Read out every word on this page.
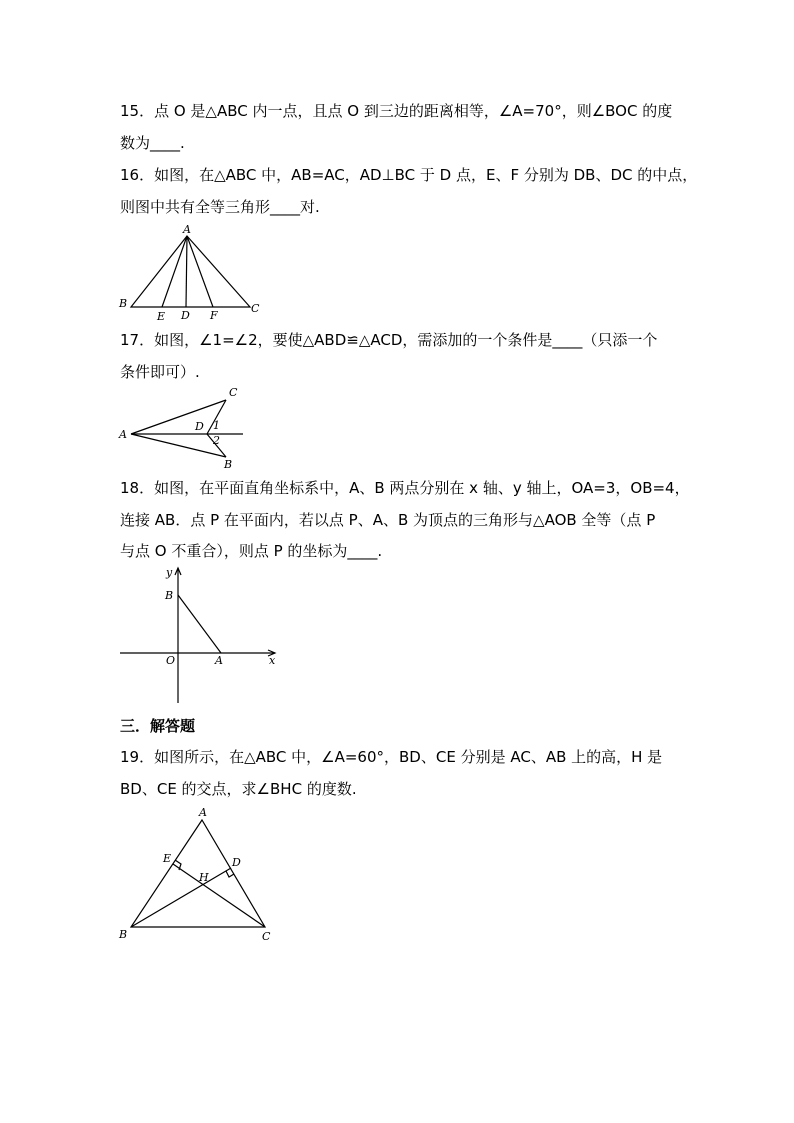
15．点 O 是△ABC 内一点，且点 O 到三边的距离相等，∠A=70°，则∠BOC 的度
数为____.
16．如图，在△ABC 中，AB=AC，AD⊥BC 于 D 点，E、F 分别为 DB、DC 的中点，
则图中共有全等三角形____对.
A
B	C
E D F
17．如图，∠1=∠2，要使△ABD≌△ACD，需添加的一个条件是____（只添一个
条件即可）.
A
C
D 1
2
B
18．如图，在平面直角坐标系中，A、B 两点分别在 x 轴、y 轴上，OA=3，OB=4，
连接 AB．点 P 在平面内，若以点 P、A、B 为顶点的三角形与△AOB 全等（点 P
与点 O 不重合），则点 P 的坐标为____.
y
x
B
O	A
三．解答题
19．如图所示，在△ABC 中，∠A=60°，BD、CE 分别是 AC、AB 上的高，H 是
BD、CE 的交点，求∠BHC 的度数.
A
E	D
H
B	C
